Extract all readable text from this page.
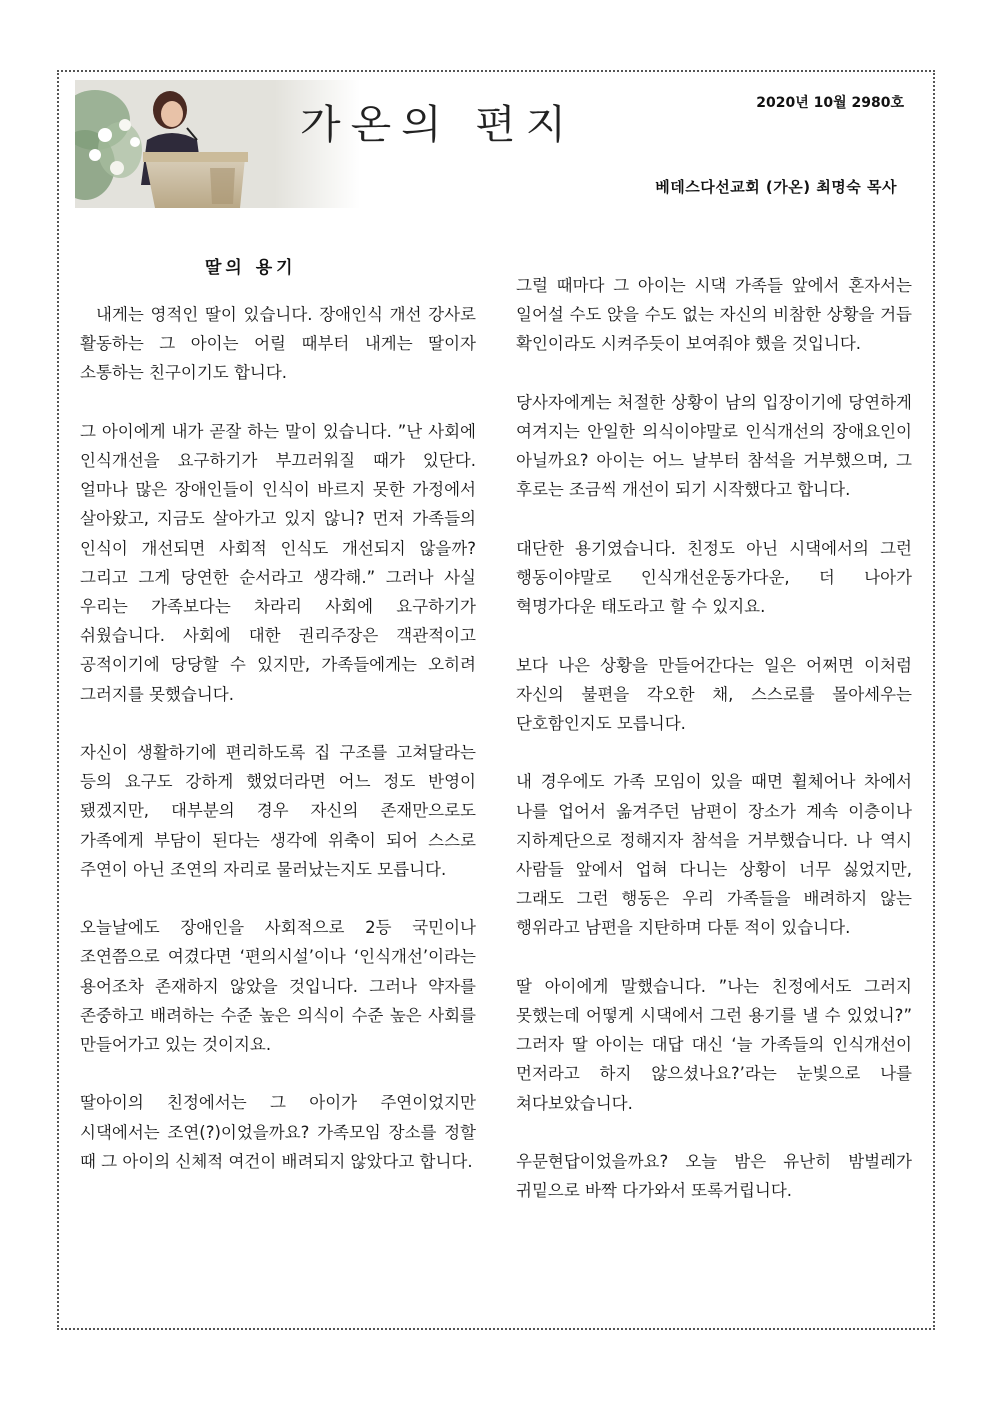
가온의 편지	2020년 10월 2980호
베데스다선교회 (가온) 최명숙 목사
딸의 용기

내게는 영적인 딸이 있습니다. 장애인식 개선 강사로 활동하는 그 아이는 어릴 때부터 내게는 딸이자 소통하는 친구이기도 합니다.

그 아이에게 내가 곧잘 하는 말이 있습니다. ”난 사회에 인식개선을 요구하기가 부끄러워질 때가 있단다. 얼마나 많은 장애인들이 인식이 바르지 못한 가정에서 살아왔고, 지금도 살아가고 있지 않니? 먼저 가족들의 인식이 개선되면 사회적 인식도 개선되지 않을까? 그리고 그게 당연한 순서라고 생각해.” 그러나 사실 우리는 가족보다는 차라리 사회에 요구하기가 쉬웠습니다. 사회에 대한 권리주장은 객관적이고 공적이기에 당당할 수 있지만, 가족들에게는 오히려 그러지를 못했습니다.

자신이 생활하기에 편리하도록 집 구조를 고쳐달라는 등의 요구도 강하게 했었더라면 어느 정도 반영이 됐겠지만, 대부분의 경우 자신의 존재만으로도 가족에게 부담이 된다는 생각에 위축이 되어 스스로 주연이 아닌 조연의 자리로 물러났는지도 모릅니다.

오늘날에도 장애인을 사회적으로 2등 국민이나 조연쯤으로 여겼다면 ‘편의시설’이나 ‘인식개선’이라는 용어조차 존재하지 않았을 것입니다. 그러나 약자를 존중하고 배려하는 수준 높은 의식이 수준 높은 사회를 만들어가고 있는 것이지요.

딸아이의 친정에서는 그 아이가 주연이었지만 시댁에서는 조연(?)이었을까요? 가족모임 장소를 정할 때 그 아이의 신체적 여건이 배려되지 않았다고 합니다.

그럴 때마다 그 아이는 시댁 가족들 앞에서 혼자서는 일어설 수도 앉을 수도 없는 자신의 비참한 상황을 거듭 확인이라도 시켜주듯이 보여줘야 했을 것입니다.

당사자에게는 처절한 상황이 남의 입장이기에 당연하게 여겨지는 안일한 의식이야말로 인식개선의 장애요인이 아닐까요? 아이는 어느 날부터 참석을 거부했으며, 그 후로는 조금씩 개선이 되기 시작했다고 합니다.

대단한 용기였습니다. 친정도 아닌 시댁에서의 그런 행동이야말로 인식개선운동가다운, 더 나아가 혁명가다운 태도라고 할 수 있지요.

보다 나은 상황을 만들어간다는 일은 어쩌면 이처럼 자신의 불편을 각오한 채, 스스로를 몰아세우는 단호함인지도 모릅니다.

내 경우에도 가족 모임이 있을 때면 휠체어나 차에서 나를 업어서 옮겨주던 남편이 장소가 계속 이층이나 지하계단으로 정해지자 참석을 거부했습니다. 나 역시 사람들 앞에서 업혀 다니는 상황이 너무 싫었지만, 그래도 그런 행동은 우리 가족들을 배려하지 않는 행위라고 남편을 지탄하며 다툰 적이 있습니다.

딸 아이에게 말했습니다. ”나는 친정에서도 그러지 못했는데 어떻게 시댁에서 그런 용기를 낼 수 있었니?” 그러자 딸 아이는 대답 대신 ‘늘 가족들의 인식개선이 먼저라고 하지 않으셨나요?’라는 눈빛으로 나를 쳐다보았습니다.

우문현답이었을까요? 오늘 밤은 유난히 밤벌레가 귀밑으로 바짝 다가와서 또록거립니다.
